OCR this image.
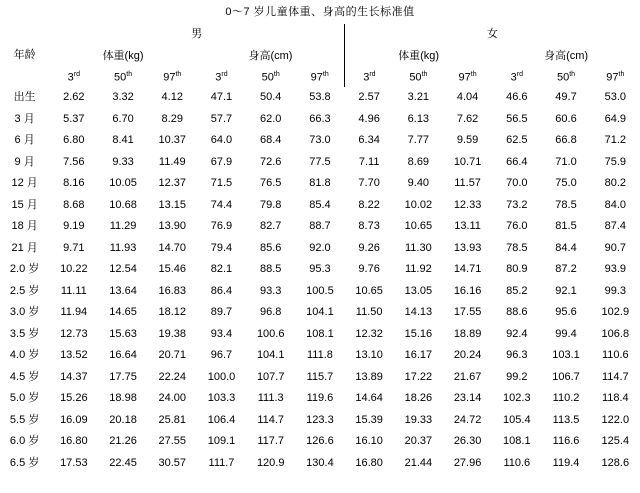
0～7 岁儿童体重、身高的生长标准值												
年龄	男						女					
	体重(kg)			身高(cm)			体重(kg)			身高(cm)		
	3rd	50th	97th	3rd	50th	97th	3rd	50th	97th	3rd	50th	97th
出生	2.62	3.32	4.12	47.1	50.4	53.8	2.57	3.21	4.04	46.6	49.7	53.0
3 月	5.37	6.70	8.29	57.7	62.0	66.3	4.96	6.13	7.62	56.5	60.6	64.9
6 月	6.80	8.41	10.37	64.0	68.4	73.0	6.34	7.77	9.59	62.5	66.8	71.2
9 月	7.56	9.33	11.49	67.9	72.6	77.5	7.11	8.69	10.71	66.4	71.0	75.9
12 月	8.16	10.05	12.37	71.5	76.5	81.8	7.70	9.40	11.57	70.0	75.0	80.2
15 月	8.68	10.68	13.15	74.4	79.8	85.4	8.22	10.02	12.33	73.2	78.5	84.0
18 月	9.19	11.29	13.90	76.9	82.7	88.7	8.73	10.65	13.11	76.0	81.5	87.4
21 月	9.71	11.93	14.70	79.4	85.6	92.0	9.26	11.30	13.93	78.5	84.4	90.7
2.0 岁	10.22	12.54	15.46	82.1	88.5	95.3	9.76	11.92	14.71	80.9	87.2	93.9
2.5 岁	11.11	13.64	16.83	86.4	93.3	100.5	10.65	13.05	16.16	85.2	92.1	99.3
3.0 岁	11.94	14.65	18.12	89.7	96.8	104.1	11.50	14.13	17.55	88.6	95.6	102.9
3.5 岁	12.73	15.63	19.38	93.4	100.6	108.1	12.32	15.16	18.89	92.4	99.4	106.8
4.0 岁	13.52	16.64	20.71	96.7	104.1	111.8	13.10	16.17	20.24	96.3	103.1	110.6
4.5 岁	14.37	17.75	22.24	100.0	107.7	115.7	13.89	17.22	21.67	99.2	106.7	114.7
5.0 岁	15.26	18.98	24.00	103.3	111.3	119.6	14.64	18.26	23.14	102.3	110.2	118.4
5.5 岁	16.09	20.18	25.81	106.4	114.7	123.3	15.39	19.33	24.72	105.4	113.5	122.0
6.0 岁	16.80	21.26	27.55	109.1	117.7	126.6	16.10	20.37	26.30	108.1	116.6	125.4
6.5 岁	17.53	22.45	30.57	111.7	120.9	130.4	16.80	21.44	27.96	110.6	119.4	128.6
